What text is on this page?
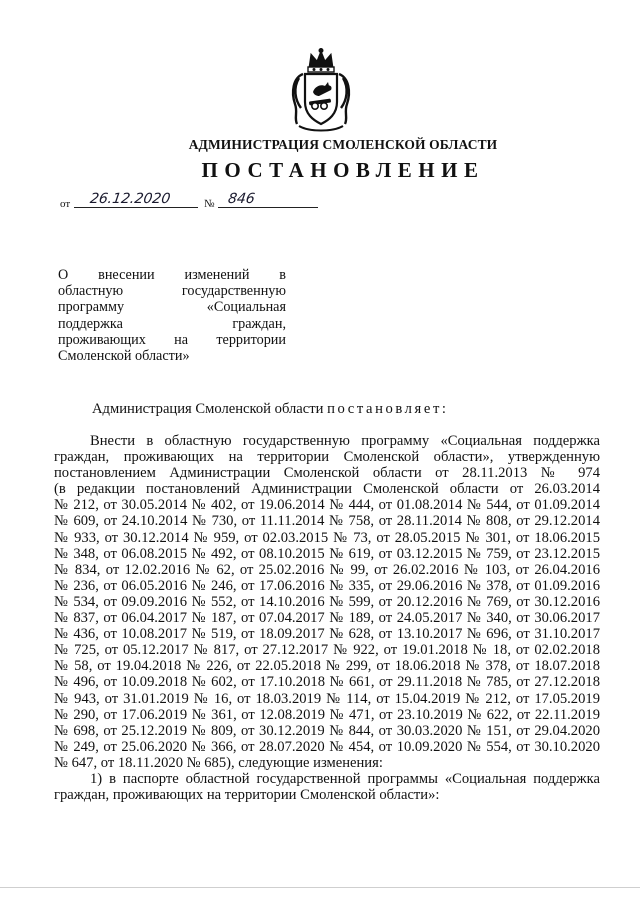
АДМИНИСТРАЦИЯ СМОЛЕНСКОЙ ОБЛАСТИ
ПОСТАНОВЛЕНИЕ
от 26.12.2020	№ 846
О внесении изменений в
областную государственную
программу «Социальная
поддержка граждан,
проживающих на территории
Смоленской области»
Администрация Смоленской области постановляет:
Внести в областную государственную программу «Социальная поддержка
граждан, проживающих на территории Смоленской области», утвержденную
постановлением Администрации Смоленской области от 28.11.2013 № 974
(в редакции постановлений Администрации Смоленской области от 26.03.2014
№ 212, от 30.05.2014 № 402, от 19.06.2014 № 444, от 01.08.2014 № 544, от 01.09.2014
№ 609, от 24.10.2014 № 730, от 11.11.2014 № 758, от 28.11.2014 № 808, от 29.12.2014
№ 933, от 30.12.2014 № 959, от 02.03.2015 № 73, от 28.05.2015 № 301, от 18.06.2015
№ 348, от 06.08.2015 № 492, от 08.10.2015 № 619, от 03.12.2015 № 759, от 23.12.2015
№ 834, от 12.02.2016 № 62, от 25.02.2016 № 99, от 26.02.2016 № 103, от 26.04.2016
№ 236, от 06.05.2016 № 246, от 17.06.2016 № 335, от 29.06.2016 № 378, от 01.09.2016
№ 534, от 09.09.2016 № 552, от 14.10.2016 № 599, от 20.12.2016 № 769, от 30.12.2016
№ 837, от 06.04.2017 № 187, от 07.04.2017 № 189, от 24.05.2017 № 340, от 30.06.2017
№ 436, от 10.08.2017 № 519, от 18.09.2017 № 628, от 13.10.2017 № 696, от 31.10.2017
№ 725, от 05.12.2017 № 817, от 27.12.2017 № 922, от 19.01.2018 № 18, от 02.02.2018
№ 58, от 19.04.2018 № 226, от 22.05.2018 № 299, от 18.06.2018 № 378, от 18.07.2018
№ 496, от 10.09.2018 № 602, от 17.10.2018 № 661, от 29.11.2018 № 785, от 27.12.2018
№ 943, от 31.01.2019 № 16, от 18.03.2019 № 114, от 15.04.2019 № 212, от 17.05.2019
№ 290, от 17.06.2019 № 361, от 12.08.2019 № 471, от 23.10.2019 № 622, от 22.11.2019
№ 698, от 25.12.2019 № 809, от 30.12.2019 № 844, от 30.03.2020 № 151, от 29.04.2020
№ 249, от 25.06.2020 № 366, от 28.07.2020 № 454, от 10.09.2020 № 554, от 30.10.2020
№ 647, от 18.11.2020 № 685), следующие изменения:
1) в паспорте областной государственной программы «Социальная поддержка
граждан, проживающих на территории Смоленской области»:
